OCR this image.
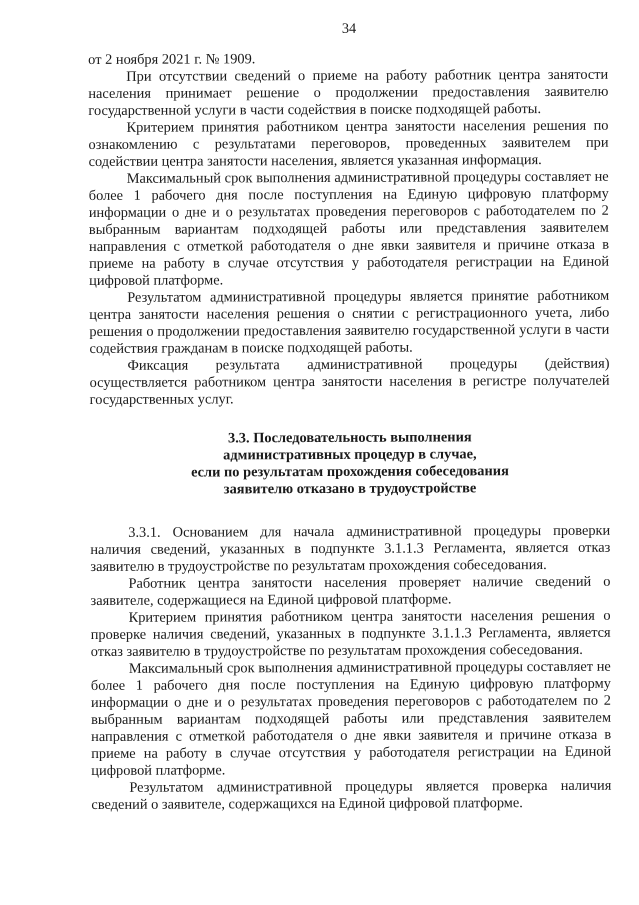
34

от 2 ноября 2021 г. № 1909.

При отсутствии сведений о приеме на работу работник центра занятости населения принимает решение о продолжении предоставления заявителю государственной услуги в части содействия в поиске подходящей работы.

Критерием принятия работником центра занятости населения решения по ознакомлению с результатами переговоров, проведенных заявителем при содействии центра занятости населения, является указанная информация.

Максимальный срок выполнения административной процедуры составляет не более 1 рабочего дня после поступления на Единую цифровую платформу информации о дне и о результатах проведения переговоров с работодателем по 2 выбранным вариантам подходящей работы или представления заявителем направления с отметкой работодателя о дне явки заявителя и причине отказа в приеме на работу в случае отсутствия у работодателя регистрации на Единой цифровой платформе.

Результатом административной процедуры является принятие работником центра занятости населения решения о снятии с регистрационного учета, либо решения о продолжении предоставления заявителю государственной услуги в части содействия гражданам в поиске подходящей работы.

Фиксация результата административной процедуры (действия) осуществляется работником центра занятости населения в регистре получателей государственных услуг.

3.3. Последовательность выполнения
административных процедур в случае,
если по результатам прохождения собеседования
заявителю отказано в трудоустройстве

3.3.1. Основанием для начала административной процедуры проверки наличия сведений, указанных в подпункте 3.1.1.3 Регламента, является отказ заявителю в трудоустройстве по результатам прохождения собеседования.

Работник центра занятости населения проверяет наличие сведений о заявителе, содержащиеся на Единой цифровой платформе.

Критерием принятия работником центра занятости населения решения о проверке наличия сведений, указанных в подпункте 3.1.1.3 Регламента, является отказ заявителю в трудоустройстве по результатам прохождения собеседования.

Максимальный срок выполнения административной процедуры составляет не более 1 рабочего дня после поступления на Единую цифровую платформу информации о дне и о результатах проведения переговоров с работодателем по 2 выбранным вариантам подходящей работы или представления заявителем направления с отметкой работодателя о дне явки заявителя и причине отказа в приеме на работу в случае отсутствия у работодателя регистрации на Единой цифровой платформе.

Результатом административной процедуры является проверка наличия сведений о заявителе, содержащихся на Единой цифровой платформе.
